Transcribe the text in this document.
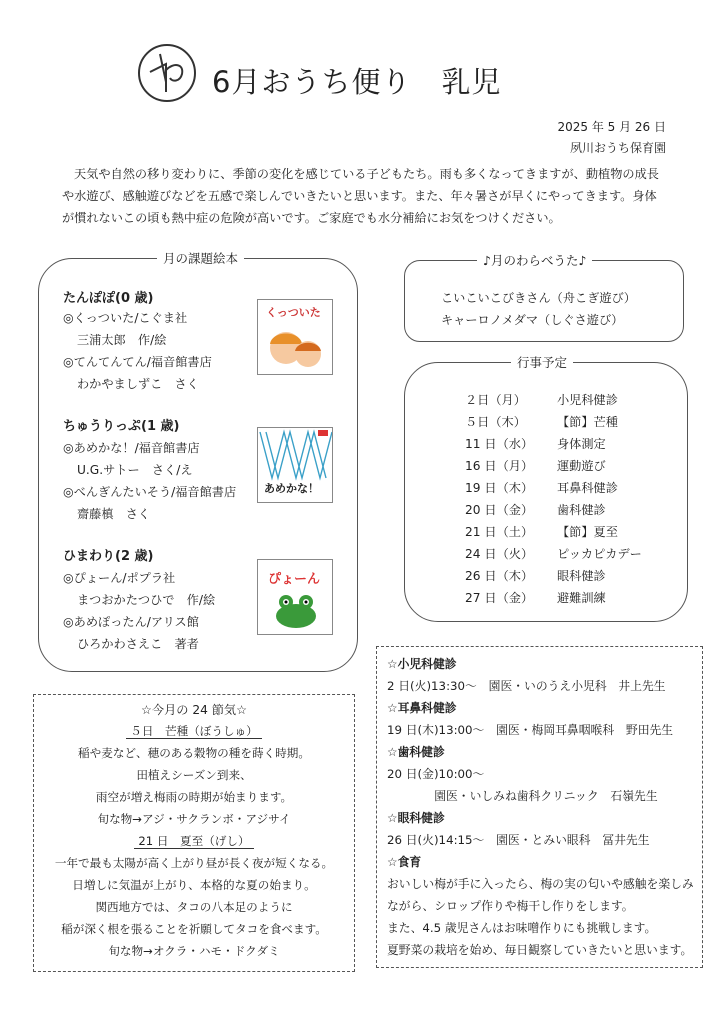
6月おうち便り　乳児
2025 年 5 月 26 日
夙川おうち保育園

天気や自然の移り変わりに、季節の変化を感じている子どもたち。雨も多くなってきますが、動植物の成長や水遊び、感触遊びなどを五感で楽しんでいきたいと思います。また、年々暑さが早くにやってきます。身体が慣れないこの頃も熱中症の危険が高いです。ご家庭でも水分補給にお気をつけください。

月の課題絵本
たんぽぽ(0 歳)
◎くっついた/こぐま社
三浦太郎　作/絵
◎てんてんてん/福音館書店
わかやましずこ　さく
くっついた
ちゅうりっぷ(1 歳)
◎あめかな！/福音館書店
U.G.サトー　さく/え
◎べんぎんたいそう/福音館書店
齋藤槙　さく
あめかな！
ひまわり(2 歳)
◎ぴょーん/ポプラ社
まつおかたつひで　作/絵
◎あめぽったん/アリス館
ひろかわさえこ　著者
ぴょーん
♪月のわらべうた♪
こいこいこびきさん（舟こぎ遊び）
キャーロノメダマ（しぐさ遊び）
行事予定
２日（月）	小児科健診
５日（木）	【節】芒種
11 日（水） 身体測定
16 日（月） 運動遊び
19 日（木） 耳鼻科健診
20 日（金） 歯科健診
21 日（土） 【節】夏至
24 日（火） ピッカピカデー
26 日（木） 眼科健診
27 日（金） 避難訓練
☆今月の 24 節気☆
５日　芒種（ぼうしゅ）
稲や麦など、穂のある穀物の種を蒔く時期。
田植えシーズン到来、
雨空が増え梅雨の時期が始まります。
旬な物→アジ・サクランボ・アジサイ
21 日　夏至（げし）
一年で最も太陽が高く上がり昼が長く夜が短くなる。
日増しに気温が上がり、本格的な夏の始まり。
関西地方では、タコの八本足のように
稲が深く根を張ることを祈願してタコを食べます。
旬な物→オクラ・ハモ・ドクダミ
☆小児科健診
2 日(火)13:30～　園医・いのうえ小児科　井上先生
☆耳鼻科健診
19 日(木)13:00～　園医・梅岡耳鼻咽喉科　野田先生
☆歯科健診
20 日(金)10:00～
　　　　園医・いしみね歯科クリニック　石嶺先生
☆眼科健診
26 日(火)14:15～　園医・とみい眼科　冨井先生
☆食育
おいしい梅が手に入ったら、梅の実の匂いや感触を楽しみ
ながら、シロップ作りや梅干し作りをします。
また、4.5 歳児さんはお味噌作りにも挑戦します。
夏野菜の栽培を始め、毎日観察していきたいと思います。
